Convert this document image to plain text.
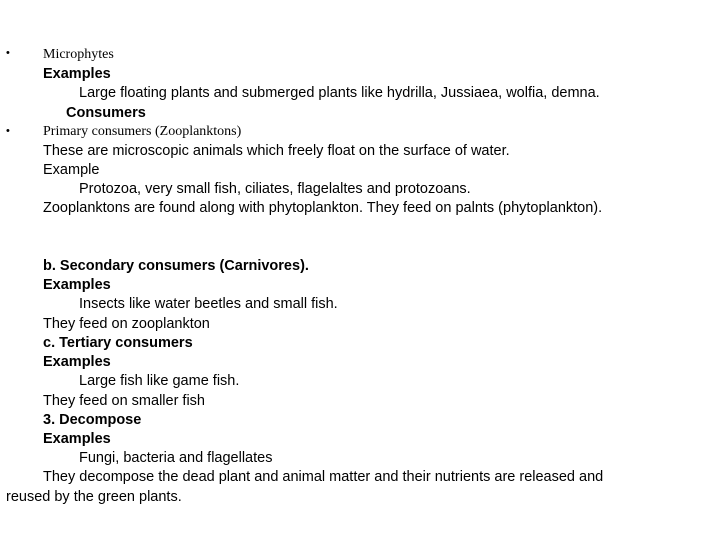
• Microphytes
Examples
Large floating plants and submerged plants like hydrilla, Jussiaea, wolfia, demna.
Consumers
• Primary consumers (Zooplanktons)
These are microscopic animals which freely float on the surface of water.
Example
Protozoa, very small fish, ciliates, flagelaltes and protozoans.
Zooplanktons are found along with phytoplankton. They feed on palnts (phytoplankton).
b. Secondary consumers (Carnivores).
Examples
Insects like water beetles and small fish.
They feed on zooplankton
c. Tertiary consumers
Examples
Large fish like game fish.
They feed on smaller fish
3. Decompose
Examples
Fungi, bacteria and flagellates
They decompose the dead plant and animal matter and their nutrients are released and
reused by the green plants.
